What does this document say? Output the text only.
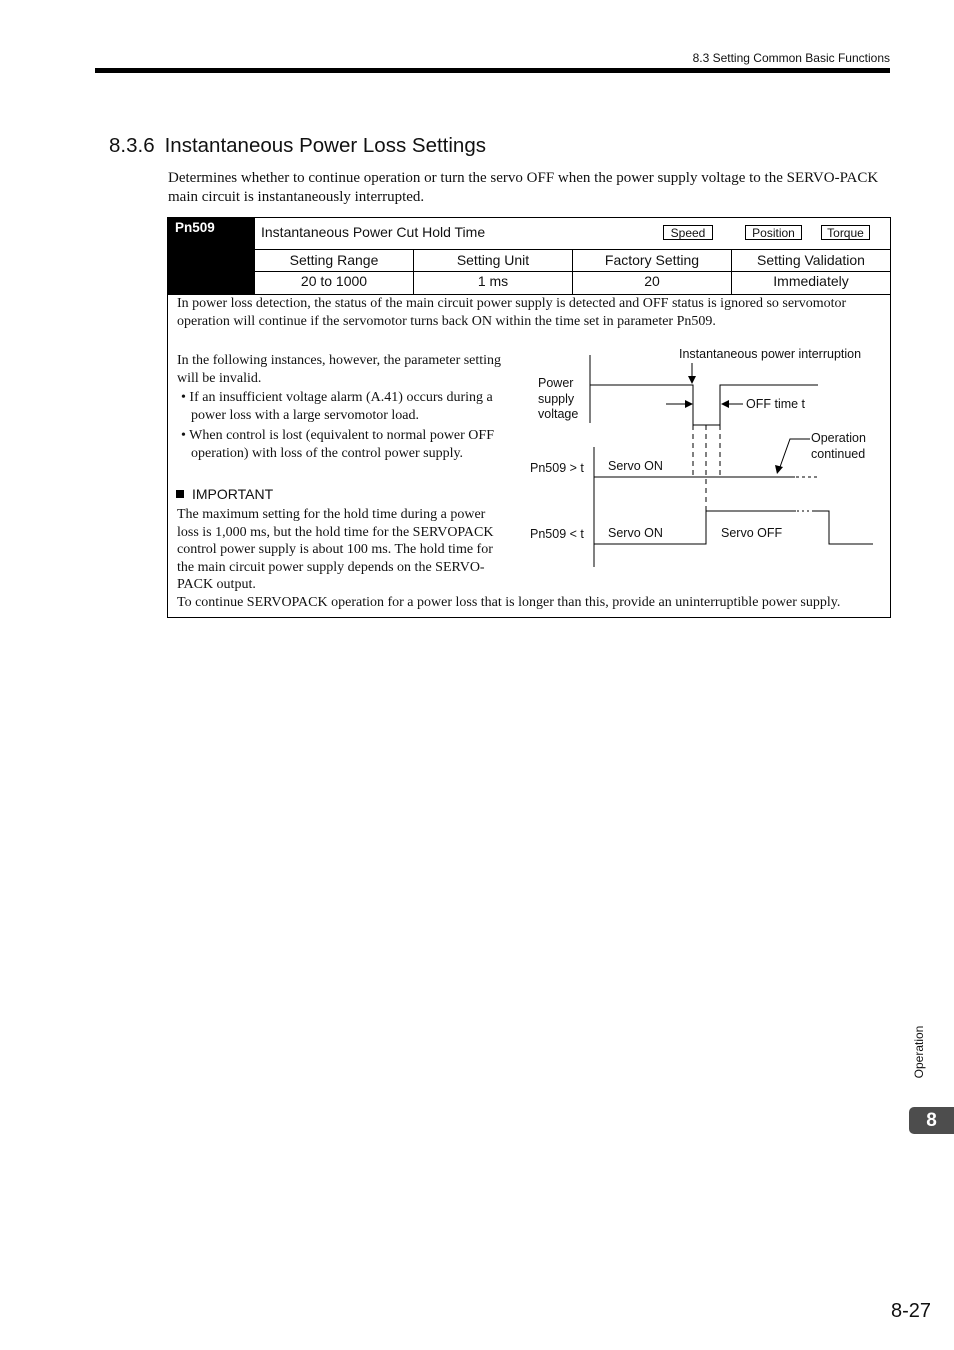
8.3 Setting Common Basic Functions
8.3.6 Instantaneous Power Loss Settings
Determines whether to continue operation or turn the servo OFF when the power supply voltage to the SERVO-PACK main circuit is instantaneously interrupted.
Pn509	Instantaneous Power Cut Hold Time	Speed	Position	Torque
Setting Range	Setting Unit	Factory Setting	Setting Validation
20 to 1000	1 ms	20	Immediately
In power loss detection, the status of the main circuit power supply is detected and OFF status is ignored so servomotor operation will continue if the servomotor turns back ON within the time set in parameter Pn509.
In the following instances, however, the parameter setting will be invalid.
• If an insufficient voltage alarm (A.41) occurs during a power loss with a large servomotor load.
• When control is lost (equivalent to normal power OFF operation) with loss of the control power supply.
IMPORTANT
The maximum setting for the hold time during a power loss is 1,000 ms, but the hold time for the SERVOPACK control power supply is about 100 ms. The hold time for the main circuit power supply depends on the SERVO-PACK output.
To continue SERVOPACK operation for a power loss that is longer than this, provide an uninterruptible power supply.
Instantaneous power interruption
Power
supply
voltage
OFF time t
Operation
continued
Pn509 > t Servo ON
Pn509 < t Servo ON	Servo OFF
Operation
8
8-27
